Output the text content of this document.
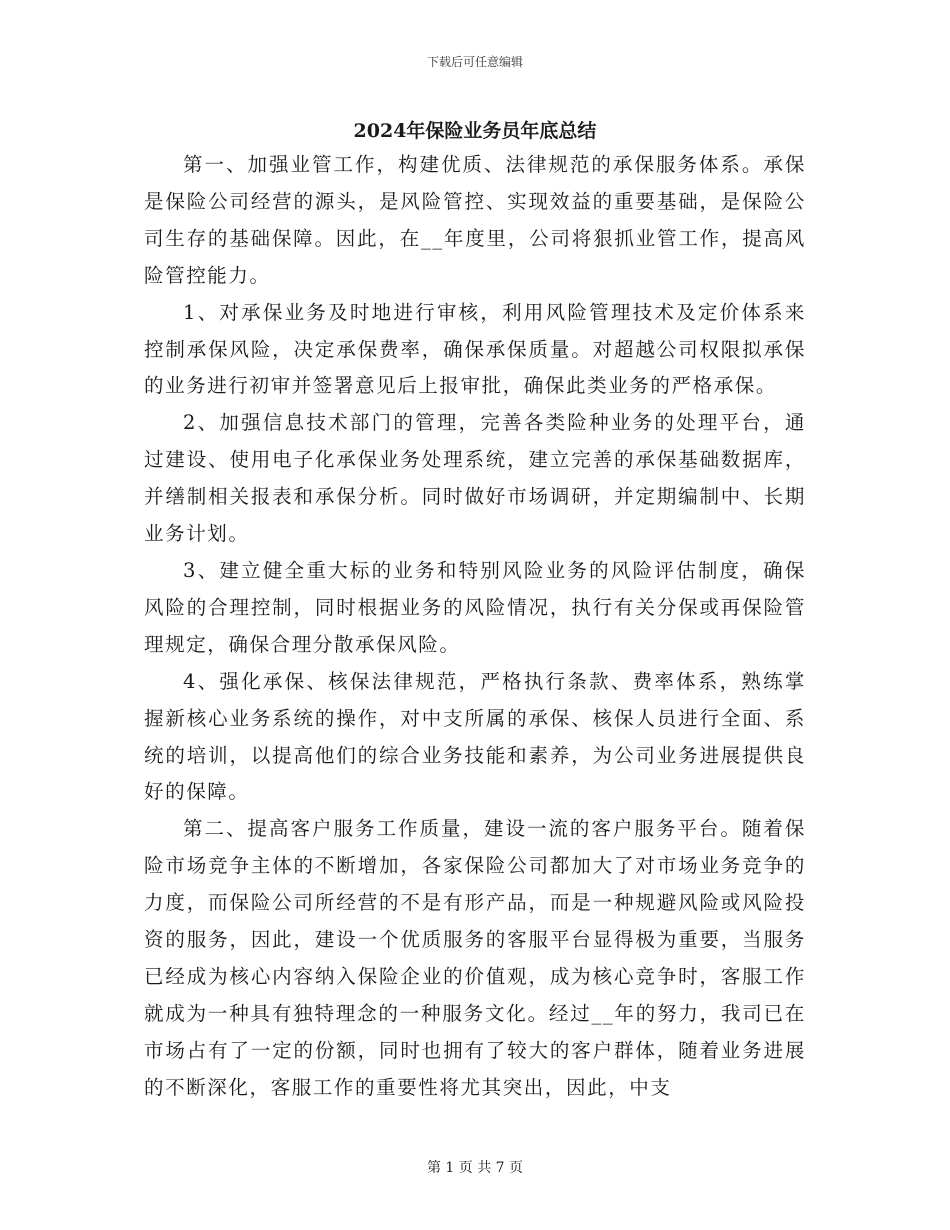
下载后可任意编辑
2024年保险业务员年底总结

第一、加强业管工作，构建优质、法律规范的承保服务体系。承保是保险公司经营的源头，是风险管控、实现效益的重要基础，是保险公司生存的基础保障。因此，在__年度里，公司将狠抓业管工作，提高风险管控能力。

1、对承保业务及时地进行审核，利用风险管理技术及定价体系来控制承保风险，决定承保费率，确保承保质量。对超越公司权限拟承保的业务进行初审并签署意见后上报审批，确保此类业务的严格承保。

2、加强信息技术部门的管理，完善各类险种业务的处理平台，通过建设、使用电子化承保业务处理系统，建立完善的承保基础数据库，并缮制相关报表和承保分析。同时做好市场调研，并定期编制中、长期业务计划。

3、建立健全重大标的业务和特别风险业务的风险评估制度，确保风险的合理控制，同时根据业务的风险情况，执行有关分保或再保险管理规定，确保合理分散承保风险。

4、强化承保、核保法律规范，严格执行条款、费率体系，熟练掌握新核心业务系统的操作，对中支所属的承保、核保人员进行全面、系统的培训，以提高他们的综合业务技能和素养，为公司业务进展提供良好的保障。

第二、提高客户服务工作质量，建设一流的客户服务平台。随着保险市场竞争主体的不断增加，各家保险公司都加大了对市场业务竞争的力度，而保险公司所经营的不是有形产品，而是一种规避风险或风险投资的服务，因此，建设一个优质服务的客服平台显得极为重要，当服务已经成为核心内容纳入保险企业的价值观，成为核心竞争时，客服工作就成为一种具有独特理念的一种服务文化。经过__年的努力，我司已在市场占有了一定的份额，同时也拥有了较大的客户群体，随着业务进展的不断深化，客服工作的重要性将尤其突出，因此，中支

第 1 页 共 7 页
